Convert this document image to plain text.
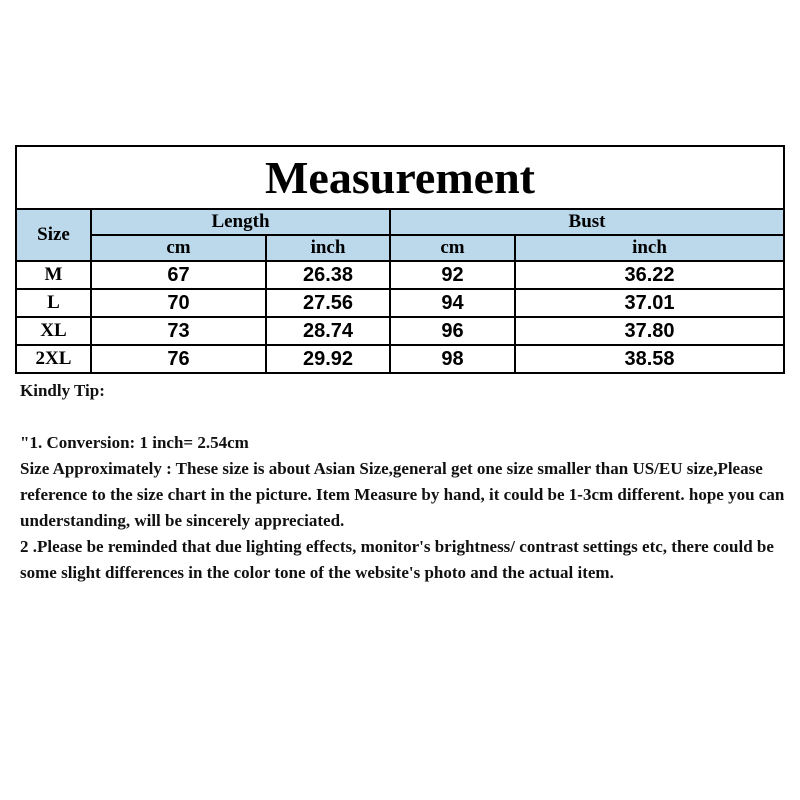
Measurement				
Size	Length		Bust	
	cm	inch	cm	inch
M	67	26.38	92	36.22
L	70	27.56	94	37.01
XL	73	28.74	96	37.80
2XL	76	29.92	98	38.58

Kindly Tip:

"1. Conversion: 1 inch= 2.54cm

Size Approximately : These size is about Asian Size,general get one size smaller than US/EU size,Please reference to the size chart in the picture. Item Measure by hand, it could be 1-3cm different. hope you can understanding, will be sincerely appreciated.

2 .Please be reminded that due lighting effects, monitor's brightness/ contrast settings etc, there could be some slight differences in the color tone of the website's photo and the actual item.
